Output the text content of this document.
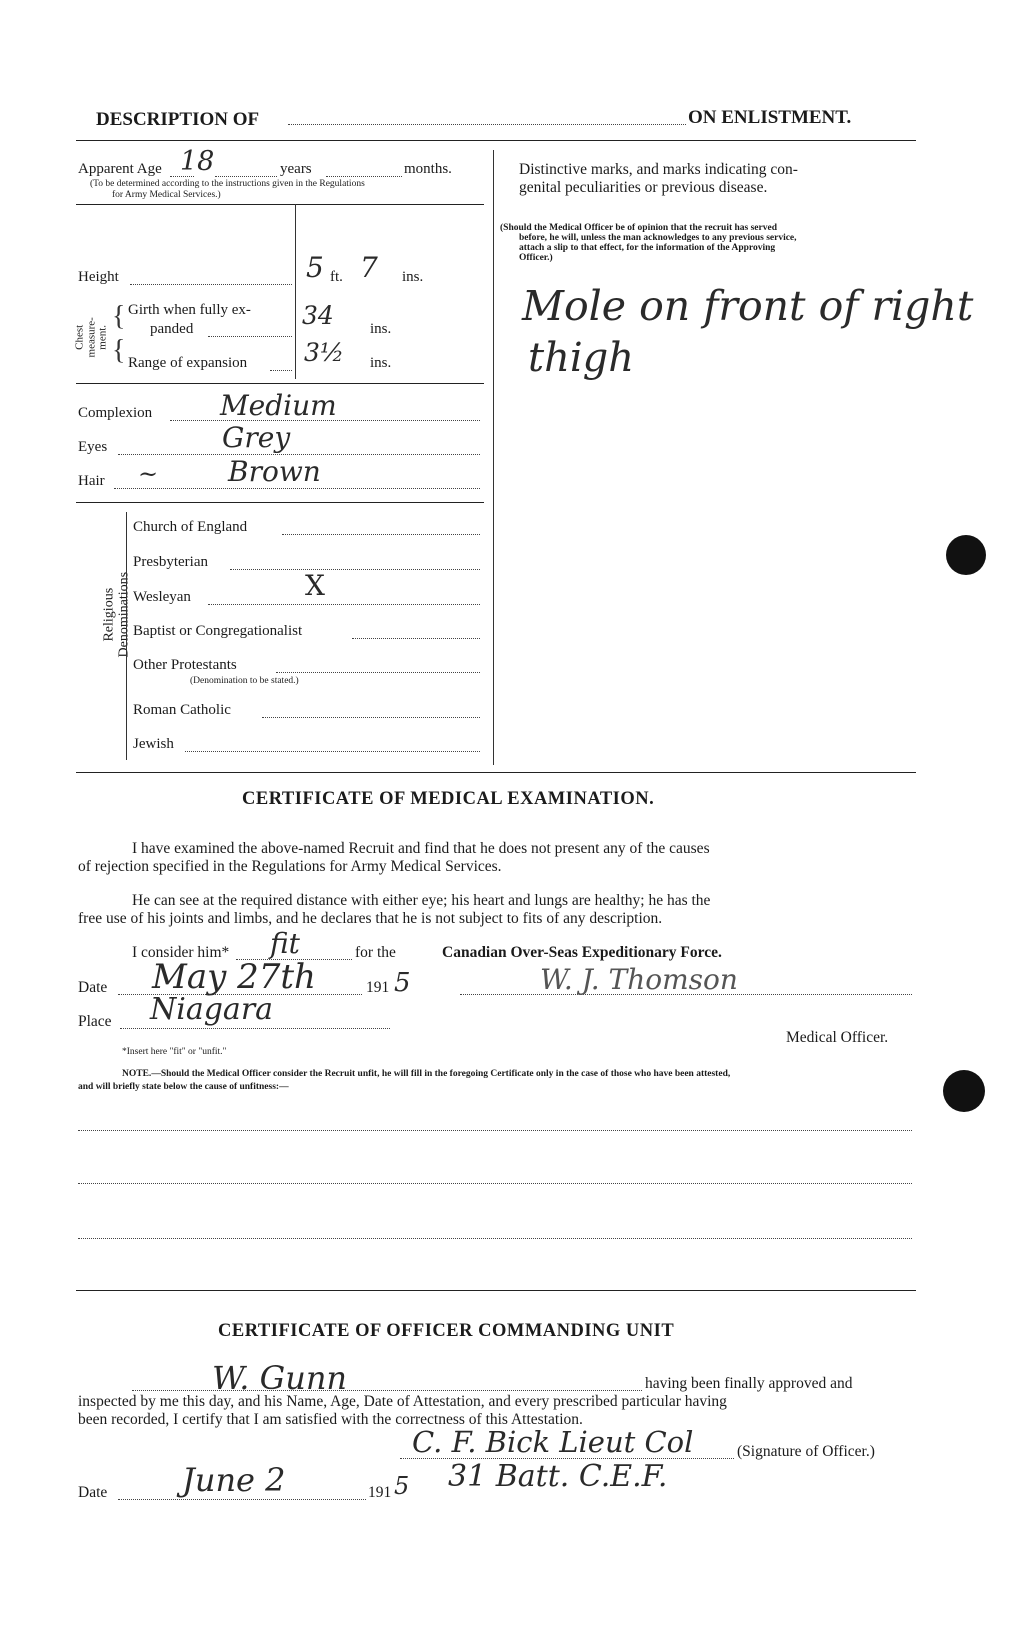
DESCRIPTION OF	ON ENLISTMENT.
Apparent Age 18	years	months.
(To be determined according to the instructions given in the Regulations
for Army Medical Services.)
Height	5 ft. 7 ins.
Chest
measure-
ment.
{
{
Girth when fully ex-
panded	34 ins.
Range of expansion 3½ ins.
Complexion Medium
Eyes	Grey
Hair ~ Brown
Religious
Denominations
Church of England
Presbyterian
Wesleyan	X
Baptist or Congregationalist
Other Protestants
(Denomination to be stated.)
Roman Catholic
Jewish
Distinctive marks, and marks indicating con-
genital peculiarities or previous disease.
(Should the Medical Officer be of opinion that the recruit has served
before, he will, unless the man acknowledges to any previous service,
attach a slip to that effect, for the information of the Approving
Officer.)
Mole on front of right
thigh
CERTIFICATE OF MEDICAL EXAMINATION.
I have examined the above-named Recruit and find that he does not present any of the causes
of rejection specified in the Regulations for Army Medical Services.
He can see at the required distance with either eye; his heart and lungs are healthy; he has the
free use of his joints and limbs, and he declares that he is not subject to fits of any description.
I consider him* fit	for the	Canadian Over-Seas Expeditionary Force.
Date May 27th	191 5	W. J. Thomson
Place Niagara
Medical Officer.
*Insert here "fit" or "unfit."
NOTE.—Should the Medical Officer consider the Recruit unfit, he will fill in the foregoing Certificate only in the case of those who have been attested,
and will briefly state below the cause of unfitness:—
CERTIFICATE OF OFFICER COMMANDING UNIT
W. Gunn	having been finally approved and
inspected by me this day, and his Name, Age, Date of Attestation, and every prescribed particular having
been recorded, I certify that I am satisfied with the correctness of this Attestation.
C. F. Bick Lieut Col	(Signature of Officer.)
Date June 2	191 5 31 Batt. C.E.F.
